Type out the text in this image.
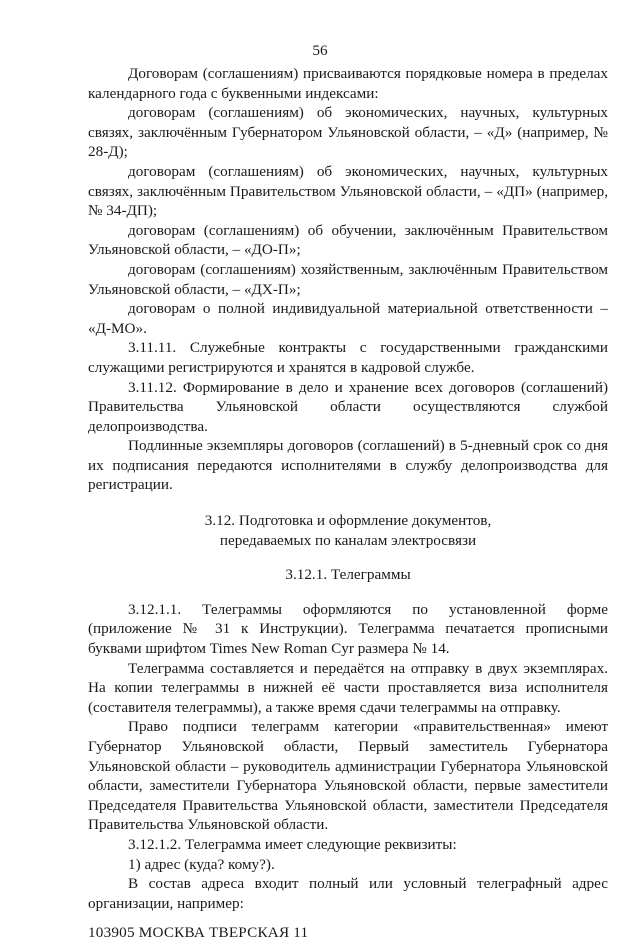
56

Договорам (соглашениям) присваиваются порядковые номера в пределах календарного года с буквенными индексами:

договорам (соглашениям) об экономических, научных, культурных связях, заключённым Губернатором Ульяновской области, – «Д» (например, № 28-Д);

договорам (соглашениям) об экономических, научных, культурных связях, заключённым Правительством Ульяновской области, – «ДП» (например, № 34-ДП);

договорам (соглашениям) об обучении, заключённым Правительством Ульяновской области, – «ДО-П»;

договорам (соглашениям) хозяйственным, заключённым Правительством Ульяновской области, – «ДХ-П»;

договорам о полной индивидуальной материальной ответственности – «Д-МО».

3.11.11. Служебные контракты с государственными гражданскими служащими регистрируются и хранятся в кадровой службе.

3.11.12. Формирование в дело и хранение всех договоров (соглашений) Правительства Ульяновской области осуществляются службой делопроизводства.

Подлинные экземпляры договоров (соглашений) в 5-дневный срок со дня их подписания передаются исполнителями в службу делопроизводства для регистрации.

3.12. Подготовка и оформление документов,

передаваемых по каналам электросвязи

3.12.1. Телеграммы

3.12.1.1. Телеграммы оформляются по установленной форме (приложение № 31 к Инструкции). Телеграмма печатается прописными буквами шрифтом Times New Roman Cyr размера № 14.

Телеграмма составляется и передаётся на отправку в двух экземплярах. На копии телеграммы в нижней её части проставляется виза исполнителя (составителя телеграммы), а также время сдачи телеграммы на отправку.

Право подписи телеграмм категории «правительственная» имеют Губернатор Ульяновской области, Первый заместитель Губернатора Ульяновской области – руководитель администрации Губернатора Ульяновской области, заместители Губернатора Ульяновской области, первые заместители Председателя Правительства Ульяновской области, заместители Председателя Правительства Ульяновской области.

3.12.1.2. Телеграмма имеет следующие реквизиты:

1) адрес (куда? кому?).

В состав адреса входит полный или условный телеграфный адрес организации, например:

103905 МОСКВА ТВЕРСКАЯ 11
